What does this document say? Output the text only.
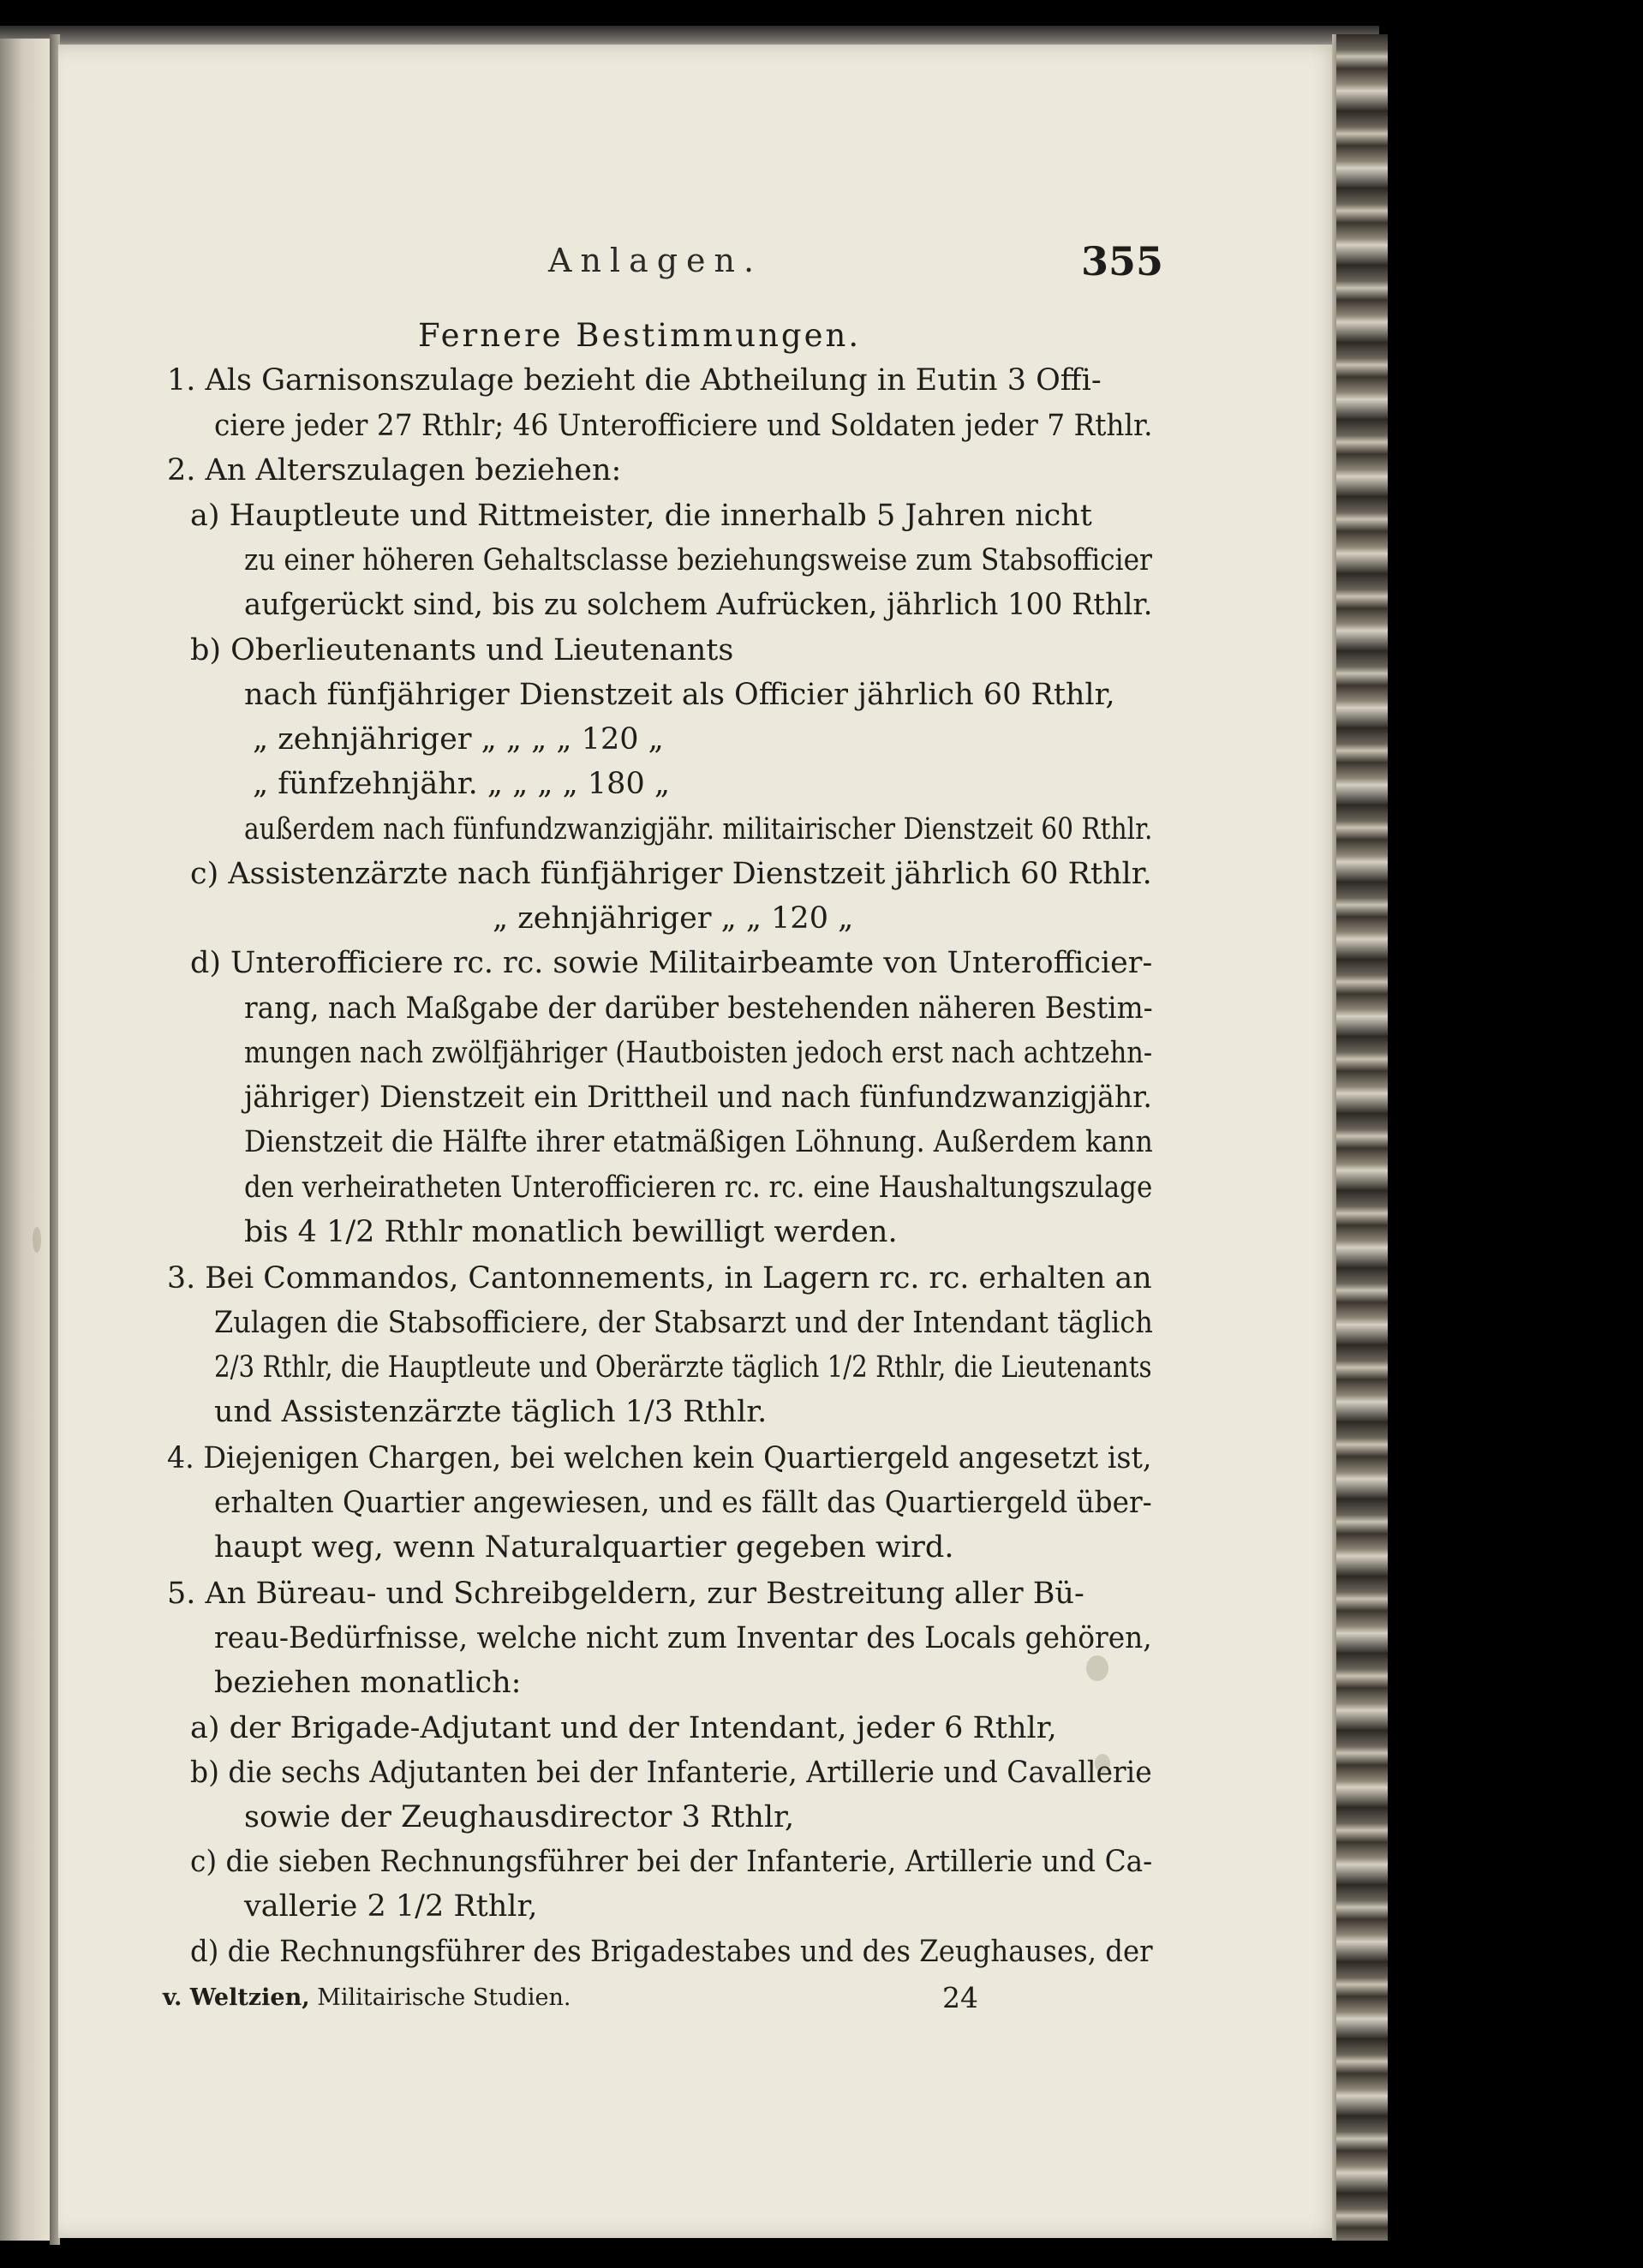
Anlagen.	355
Fernere Bestimmungen.
1. Als Garnisonszulage bezieht die Abtheilung in Eutin 3 Offi-
ciere jeder 27 Rthlr; 46 Unterofficiere und Soldaten jeder 7 Rthlr.
2. An Alterszulagen beziehen:
a) Hauptleute und Rittmeister, die innerhalb 5 Jahren nicht
zu einer höheren Gehaltsclasse beziehungsweise zum Stabsofficier
aufgerückt sind, bis zu solchem Aufrücken, jährlich 100 Rthlr.
b) Oberlieutenants und Lieutenants
nach fünfjähriger Dienstzeit als Officier jährlich 60 Rthlr,
„ zehnjähriger „ „ „ „ 120 „
„ fünfzehnjähr. „ „ „ „ 180 „
außerdem nach fünfundzwanzigjähr. militairischer Dienstzeit 60 Rthlr.
c) Assistenzärzte nach fünfjähriger Dienstzeit jährlich 60 Rthlr.
„ zehnjähriger „ „ 120 „
d) Unterofficiere rc. rc. sowie Militairbeamte von Unterofficier-
rang, nach Maßgabe der darüber bestehenden näheren Bestim-
mungen nach zwölfjähriger (Hautboisten jedoch erst nach achtzehn-
jähriger) Dienstzeit ein Drittheil und nach fünfundzwanzigjähr.
Dienstzeit die Hälfte ihrer etatmäßigen Löhnung. Außerdem kann
den verheiratheten Unterofficieren rc. rc. eine Haushaltungszulage
bis 4 1/2 Rthlr monatlich bewilligt werden.
3. Bei Commandos, Cantonnements, in Lagern rc. rc. erhalten an
Zulagen die Stabsofficiere, der Stabsarzt und der Intendant täglich
2/3 Rthlr, die Hauptleute und Oberärzte täglich 1/2 Rthlr, die Lieutenants
und Assistenzärzte täglich 1/3 Rthlr.
4. Diejenigen Chargen, bei welchen kein Quartiergeld angesetzt ist,
erhalten Quartier angewiesen, und es fällt das Quartiergeld über-
haupt weg, wenn Naturalquartier gegeben wird.
5. An Büreau- und Schreibgeldern, zur Bestreitung aller Bü-
reau-Bedürfnisse, welche nicht zum Inventar des Locals gehören,
beziehen monatlich:
a) der Brigade-Adjutant und der Intendant, jeder 6 Rthlr,
b) die sechs Adjutanten bei der Infanterie, Artillerie und Cavallerie
sowie der Zeughausdirector 3 Rthlr,
c) die sieben Rechnungsführer bei der Infanterie, Artillerie und Ca-
vallerie 2 1/2 Rthlr,
d) die Rechnungsführer des Brigadestabes und des Zeughauses, der
v. Weltzien, Militairische Studien.	24
